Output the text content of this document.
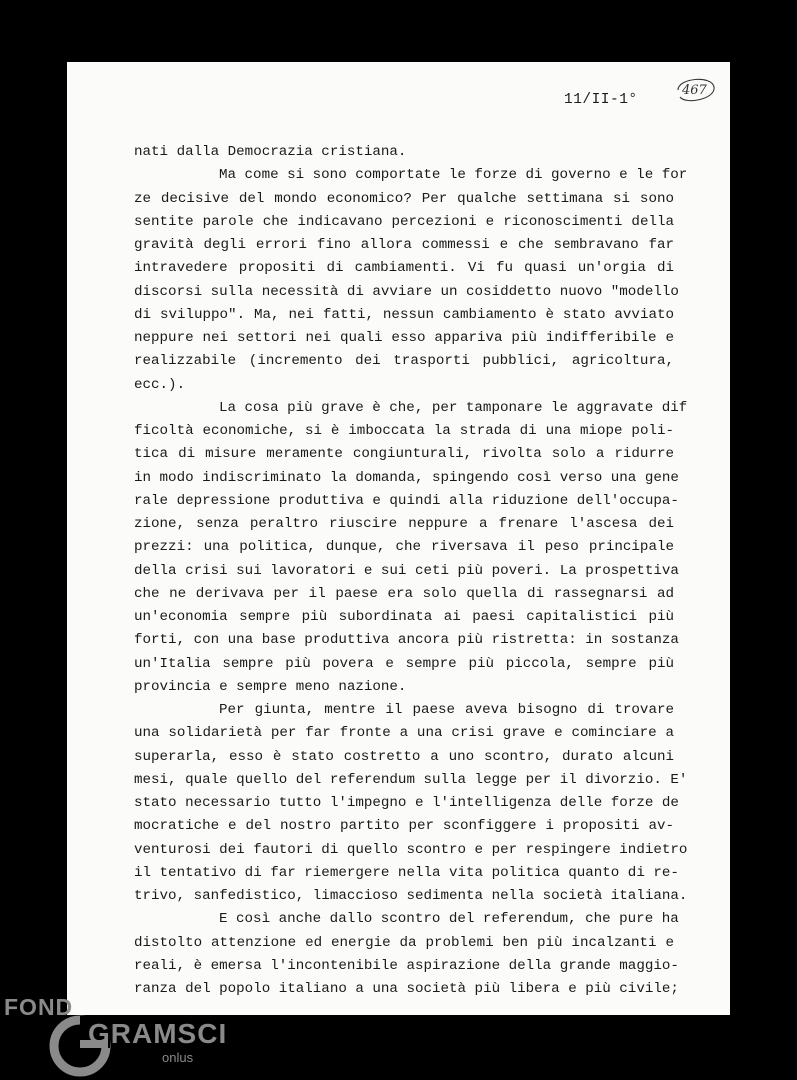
11/II-1°
467
nati dalla Democrazia cristiana.
Ma come si sono comportate le forze di governo e le for
ze decisive del mondo economico? Per qualche settimana si sono
sentite parole che indicavano percezioni e riconoscimenti della
gravità degli errori fino allora commessi e che sembravano far
intravedere propositi di cambiamenti. Vi fu quasi un'orgia di
discorsi sulla necessità di avviare un cosiddetto nuovo "modello
di sviluppo". Ma, nei fatti, nessun cambiamento è stato avviato
neppure nei settori nei quali esso appariva più indifferibile e
realizzabile (incremento dei trasporti pubblici, agricoltura,
ecc.).
La cosa più grave è che, per tamponare le aggravate dif
ficoltà economiche, si è imboccata la strada di una miope poli-
tica di misure meramente congiunturali, rivolta solo a ridurre
in modo indiscriminato la domanda, spingendo così verso una gene
rale depressione produttiva e quindi alla riduzione dell'occupa-
zione, senza peraltro riuscire neppure a frenare l'ascesa dei
prezzi: una politica, dunque, che riversava il peso principale
della crisi sui lavoratori e sui ceti più poveri. La prospettiva
che ne derivava per il paese era solo quella di rassegnarsi ad
un'economia sempre più subordinata ai paesi capitalistici più
forti, con una base produttiva ancora più ristretta: in sostanza
un'Italia sempre più povera e sempre più piccola, sempre più
provincia e sempre meno nazione.
Per giunta, mentre il paese aveva bisogno di trovare
una solidarietà per far fronte a una crisi grave e cominciare a
superarla, esso è stato costretto a uno scontro, durato alcuni
mesi, quale quello del referendum sulla legge per il divorzio. E'
stato necessario tutto l'impegno e l'intelligenza delle forze de
mocratiche e del nostro partito per sconfiggere i propositi av-
venturosi dei fautori di quello scontro e per respingere indietro
il tentativo di far riemergere nella vita politica quanto di re-
trivo, sanfedistico, limaccioso sedimenta nella società italiana.
E così anche dallo scontro del referendum, che pure ha
distolto attenzione ed energie da problemi ben più incalzanti e
reali, è emersa l'incontenibile aspirazione della grande maggio-
ranza del popolo italiano a una società più libera e più civile;
FOND
GRAMSCI
onlus
